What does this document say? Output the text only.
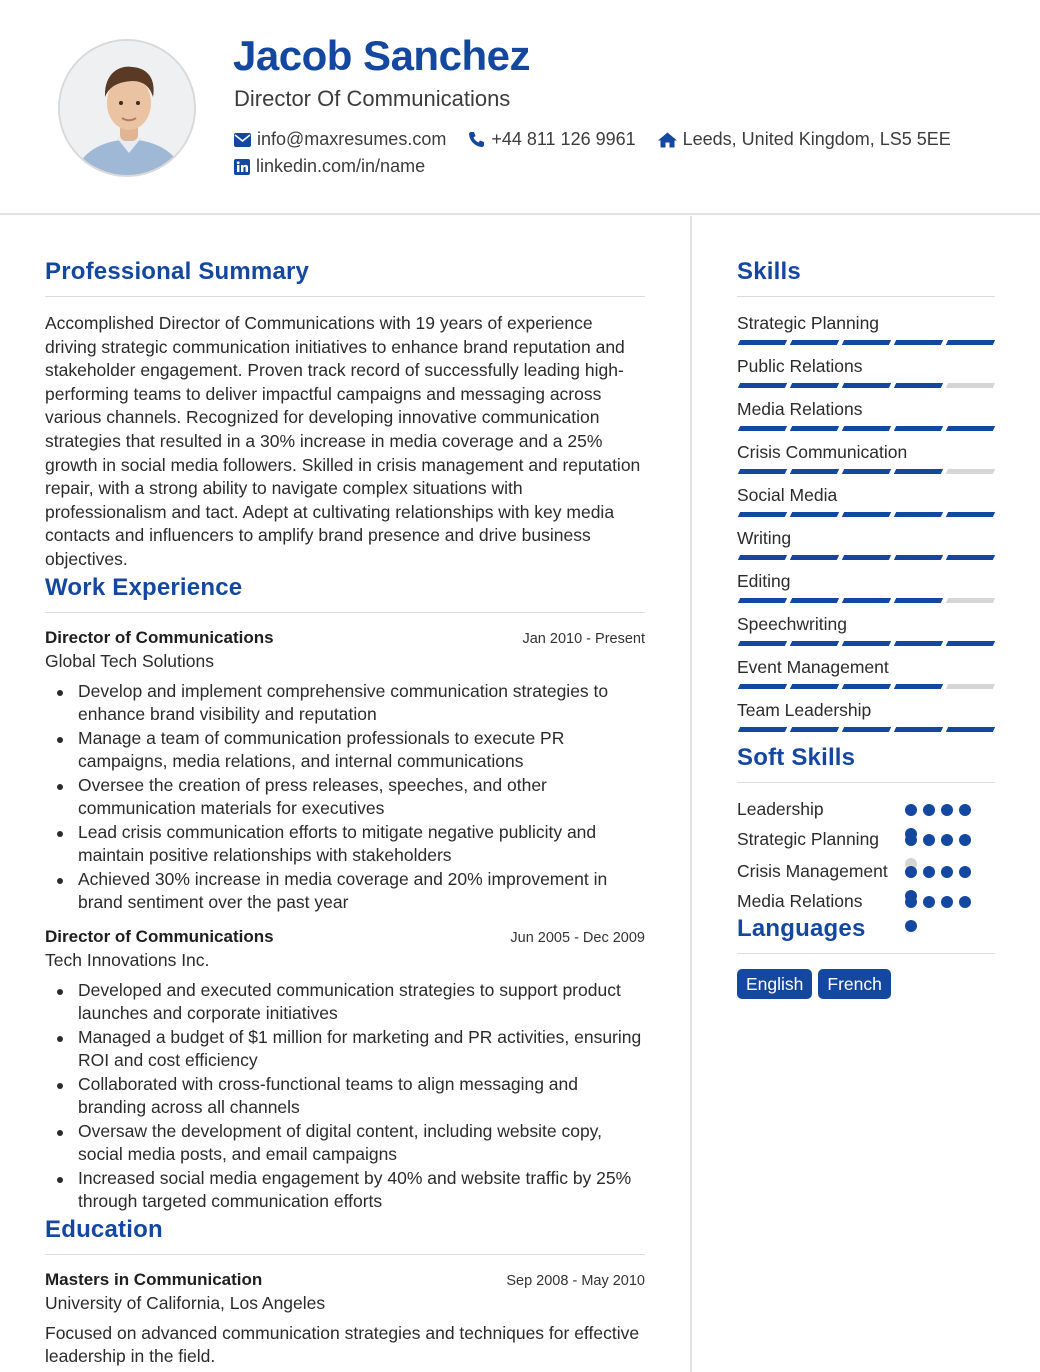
Jacob Sanchez
Director Of Communications
info@maxresumes.com	+44 811 126 9961	Leeds, United Kingdom, LS5 5EE
linkedin.com/in/name
Professional Summary
Accomplished Director of Communications with 19 years of experience driving strategic communication initiatives to enhance brand reputation and stakeholder engagement. Proven track record of successfully leading high-performing teams to deliver impactful campaigns and messaging across various channels. Recognized for developing innovative communication strategies that resulted in a 30% increase in media coverage and a 25% growth in social media followers. Skilled in crisis management and reputation repair, with a strong ability to navigate complex situations with professionalism and tact. Adept at cultivating relationships with key media contacts and influencers to amplify brand presence and drive business objectives.
Work Experience
Director of Communications	Jan 2010 - Present
Global Tech Solutions
Develop and implement comprehensive communication strategies to enhance brand visibility and reputation
Manage a team of communication professionals to execute PR campaigns, media relations, and internal communications
Oversee the creation of press releases, speeches, and other communication materials for executives
Lead crisis communication efforts to mitigate negative publicity and maintain positive relationships with stakeholders
Achieved 30% increase in media coverage and 20% improvement in brand sentiment over the past year
Director of Communications	Jun 2005 - Dec 2009
Tech Innovations Inc.
Developed and executed communication strategies to support product launches and corporate initiatives
Managed a budget of $1 million for marketing and PR activities, ensuring ROI and cost efficiency
Collaborated with cross-functional teams to align messaging and branding across all channels
Oversaw the development of digital content, including website copy, social media posts, and email campaigns
Increased social media engagement by 40% and website traffic by 25% through targeted communication efforts
Education
Masters in Communication	Sep 2008 - May 2010
University of California, Los Angeles
Focused on advanced communication strategies and techniques for effective leadership in the field.
Skills
Strategic Planning
Public Relations
Media Relations
Crisis Communication
Social Media
Writing
Editing
Speechwriting
Event Management
Team Leadership
Soft Skills
Leadership
Strategic Planning
Crisis Management
Media Relations
Languages
English	French
